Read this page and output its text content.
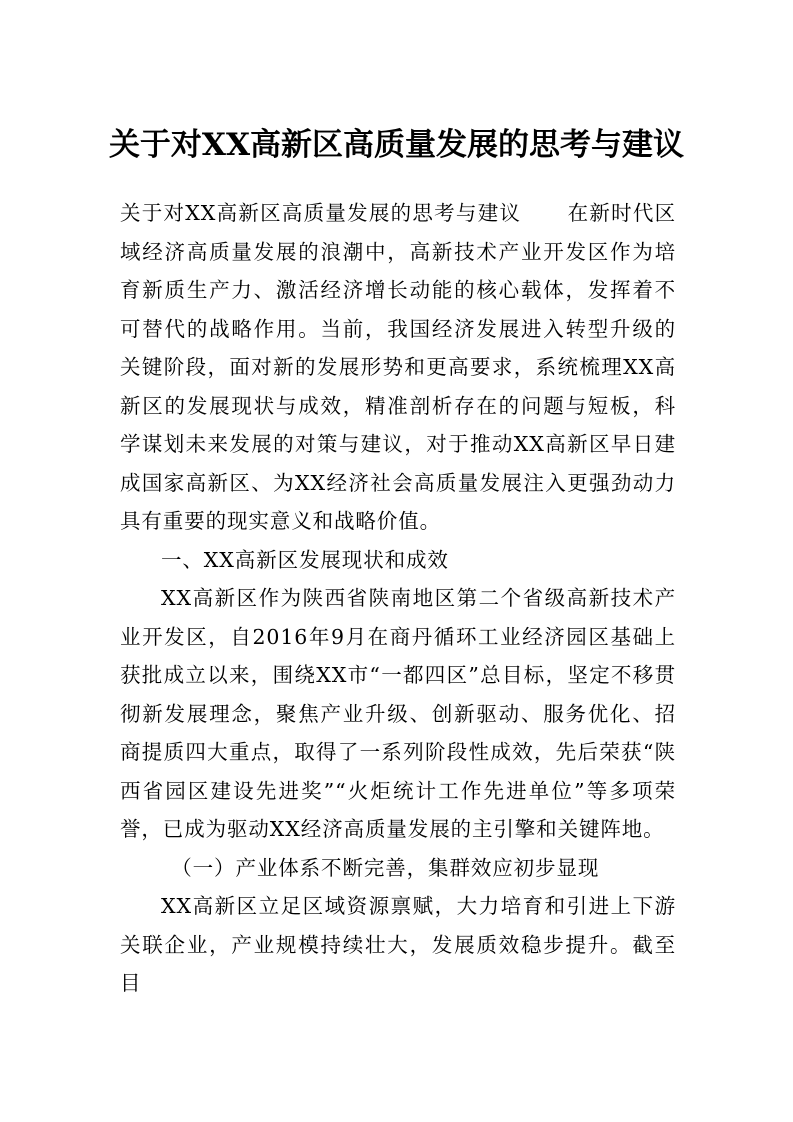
关于对XX高新区高质量发展的思考与建议

关于对XX高新区高质量发展的思考与建议 在新时代区域经济高质量发展的浪潮中，高新技术产业开发区作为培育新质生产力、激活经济增长动能的核心载体，发挥着不可替代的战略作用。当前，我国经济发展进入转型升级的关键阶段，面对新的发展形势和更高要求，系统梳理XX高新区的发展现状与成效，精准剖析存在的问题与短板，科学谋划未来发展的对策与建议，对于推动XX高新区早日建成国家高新区、为XX经济社会高质量发展注入更强劲动力具有重要的现实意义和战略价值。

一、XX高新区发展现状和成效

XX高新区作为陕西省陕南地区第二个省级高新技术产业开发区，自2016年9月在商丹循环工业经济园区基础上获批成立以来，围绕XX市“一都四区”总目标，坚定不移贯彻新发展理念，聚焦产业升级、创新驱动、服务优化、招商提质四大重点，取得了一系列阶段性成效，先后荣获“陕西省园区建设先进奖”“火炬统计工作先进单位”等多项荣誉，已成为驱动XX经济高质量发展的主引擎和关键阵地。

（一）产业体系不断完善，集群效应初步显现

XX高新区立足区域资源禀赋，大力培育和引进上下游关联企业，产业规模持续壮大，发展质效稳步提升。截至目
